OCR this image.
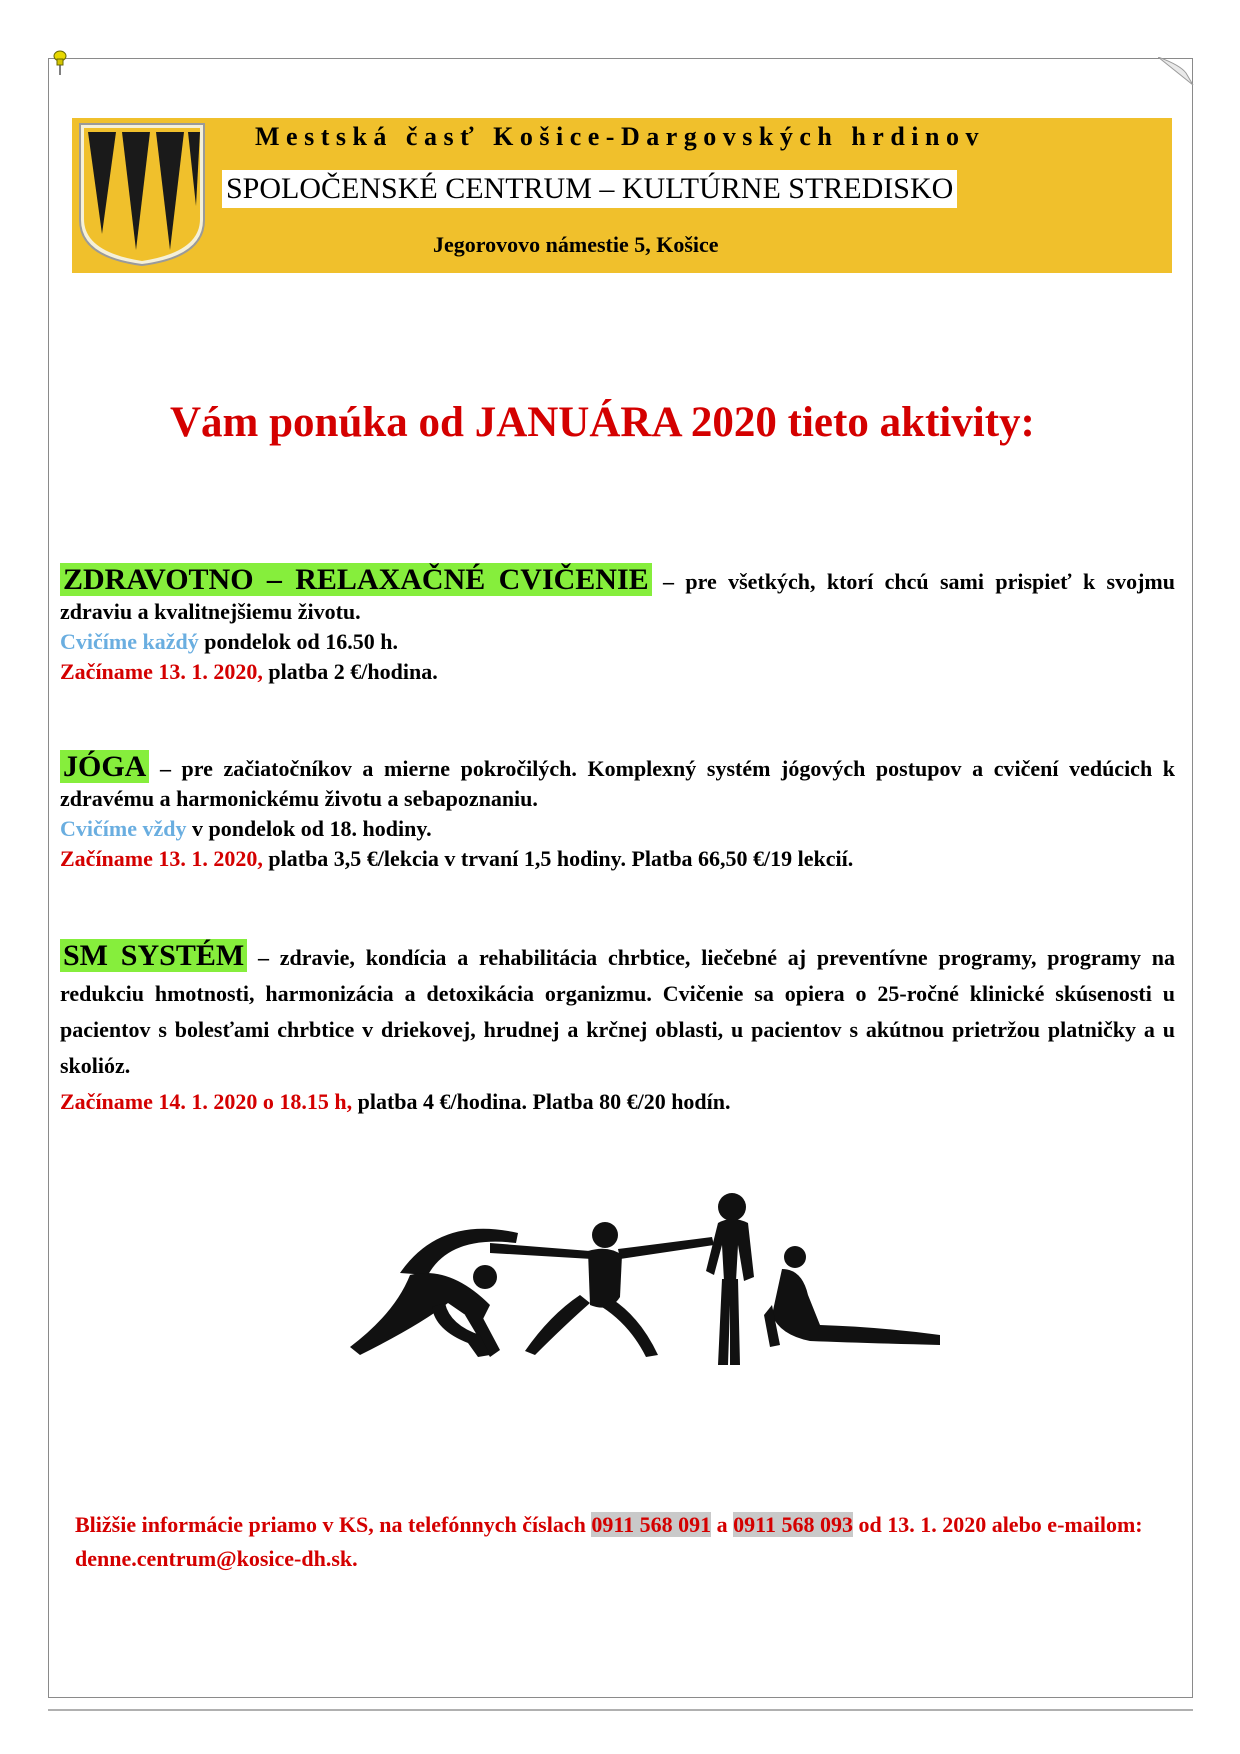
Mestská časť Košice-Dargovských hrdinov
SPOLOČENSKÉ CENTRUM – KULTÚRNE STREDISKO
Jegorovovo námestie 5, Košice
Vám ponúka od JANUÁRA 2020 tieto aktivity:
ZDRAVOTNO – RELAXAČNÉ CVIČENIE – pre všetkých, ktorí chcú sami prispieť k svojmu zdraviu a kvalitnejšiemu životu.
Cvičíme každý pondelok od 16.50 h.
Začíname 13. 1. 2020, platba 2 €/hodina.
JÓGA – pre začiatočníkov a mierne pokročilých. Komplexný systém jógových postupov a cvičení vedúcich k zdravému a harmonickému životu a sebapoznaniu.
Cvičíme vždy v pondelok od 18. hodiny.
Začíname 13. 1. 2020, platba 3,5 €/lekcia v trvaní 1,5 hodiny. Platba 66,50 €/19 lekcií.
SM SYSTÉM – zdravie, kondícia a rehabilitácia chrbtice, liečebné aj preventívne programy, programy na redukciu hmotnosti, harmonizácia a detoxikácia organizmu. Cvičenie sa opiera o 25-ročné klinické skúsenosti u pacientov s bolesťami chrbtice v driekovej, hrudnej a krčnej oblasti, u pacientov s akútnou prietržou platničky a u skolióz.
Začíname 14. 1. 2020 o 18.15 h, platba 4 €/hodina. Platba 80 €/20 hodín.
Bližšie informácie priamo v KS, na telefónnych číslach 0911 568 091 a 0911 568 093 od 13. 1. 2020 alebo e-mailom: denne.centrum@kosice-dh.sk.
